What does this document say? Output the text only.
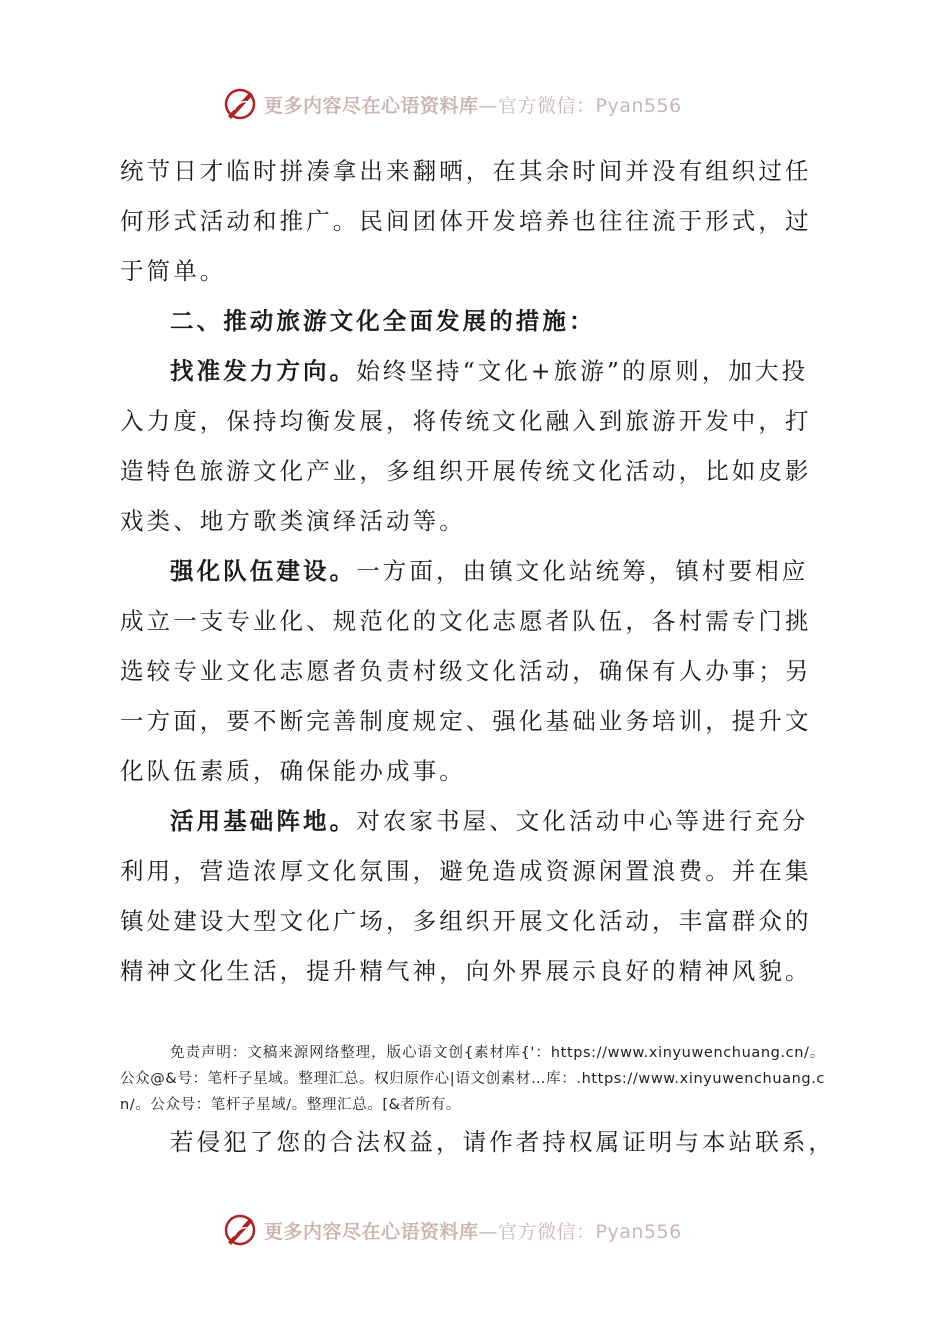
更多内容尽在心语资料库—官方微信：Pyan556

统节日才临时拼凑拿出来翻晒，在其余时间并没有组织过任何形式活动和推广。民间团体开发培养也往往流于形式，过于简单。

二、推动旅游文化全面发展的措施：

找准发力方向。始终坚持“文化+旅游”的原则，加大投入力度，保持均衡发展，将传统文化融入到旅游开发中，打造特色旅游文化产业，多组织开展传统文化活动，比如皮影戏类、地方歌类演绎活动等。

强化队伍建设。一方面，由镇文化站统筹，镇村要相应成立一支专业化、规范化的文化志愿者队伍，各村需专门挑选较专业文化志愿者负责村级文化活动，确保有人办事；另一方面，要不断完善制度规定、强化基础业务培训，提升文化队伍素质，确保能办成事。

活用基础阵地。对农家书屋、文化活动中心等进行充分利用，营造浓厚文化氛围，避免造成资源闲置浪费。并在集镇处建设大型文化广场，多组织开展文化活动，丰富群众的精神文化生活，提升精气神，向外界展示良好的精神风貌。

免责声明：文稿来源网络整理，版心语文创{素材库{'：https://www.xinyuwenchuang.cn/。公众@&号：笔杆子星域。整理汇总。权归原作心|语文创素材…库：.https://www.xinyuwenchuang.cn/。公众号：笔杆子星域/。整理汇总。[&者所有。
若侵犯了您的合法权益，请作者持权属证明与本站联系，
更多内容尽在心语资料库—官方微信：Pyan556
